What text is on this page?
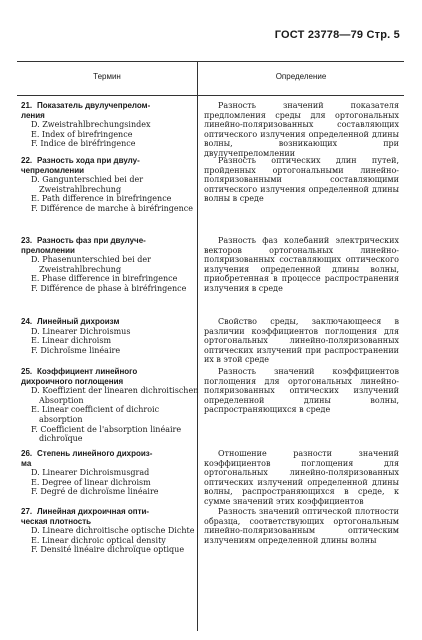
ГОСТ 23778—79 Стр. 5
Термин	Определение
21. Показатель двулучепрелом-
ления
D. Zweistrahlbrechungsindex
E. Index of birefringence
F. Indice de biréfringence
Разность значений показателя предломления среды для ортогональных линейно-поляризованных составляющих оптического излучения определенной длины волны, возникающих при двулучепреломлении
22. Разность хода при двулу-
чепреломлении
D. Gangunterschied bei der Zweistrahlbrechung
E. Path difference in birefringence
F. Différence de marche à biréfringence
Разность оптических длин путей, пройденных ортогональными линейно-поляризованными составляющими оптического излучения определенной длины волны в среде
23. Разность фаз при двулуче-
преломлении
D. Phasenunterschied bei der Zweistrahlbrechung
E. Phase difference in birefringence
F. Différence de phase à biréfringence
Разность фаз колебаний электрических векторов ортогональных линейно-поляризованных составляющих оптического излучения определенной длины волны, приобретенная в процессе распространения излучения в среде
24. Линейный дихроизм
D. Linearer Dichroismus
E. Linear dichroism
F. Dichroïsme linéaire
Свойство среды, заключающееся в различии коэффициентов поглощения для ортогональных линейно-поляризованных оптических излучений при распространении их в этой среде
25. Коэффициент линейного
дихроичного поглощения
D. Koeffizient der linearen dichroitischen Absorption
E. Linear coefficient of dichroic absorption
F. Coefficient de l'absorption linéaire dichroïque
Разность значений коэффициентов поглощения для ортогональных линейно-поляризованных оптических излучений определенной длины волны, распространяющихся в среде
26. Степень линейного дихроиз-
ма
D. Linearer Dichroismusgrad
E. Degree of linear dichroism
F. Degré de dichroïsme linéaire
Отношение разности значений коэффициентов поглощения для ортогональных линейно-поляризованных оптических излучений определенной длины волны, распространяющихся в среде, к сумме значений этих коэффициентов
27. Линейная дихроичная опти-
ческая плотность
D. Lineare dichroitische optische Dichte
E. Linear dichroic optical density
F. Densité linéaire dichroïque optique
Разность значений оптической плотности образца, соответствующих ортогональным линейно-поляризованным оптическим излучениям определенной длины волны
